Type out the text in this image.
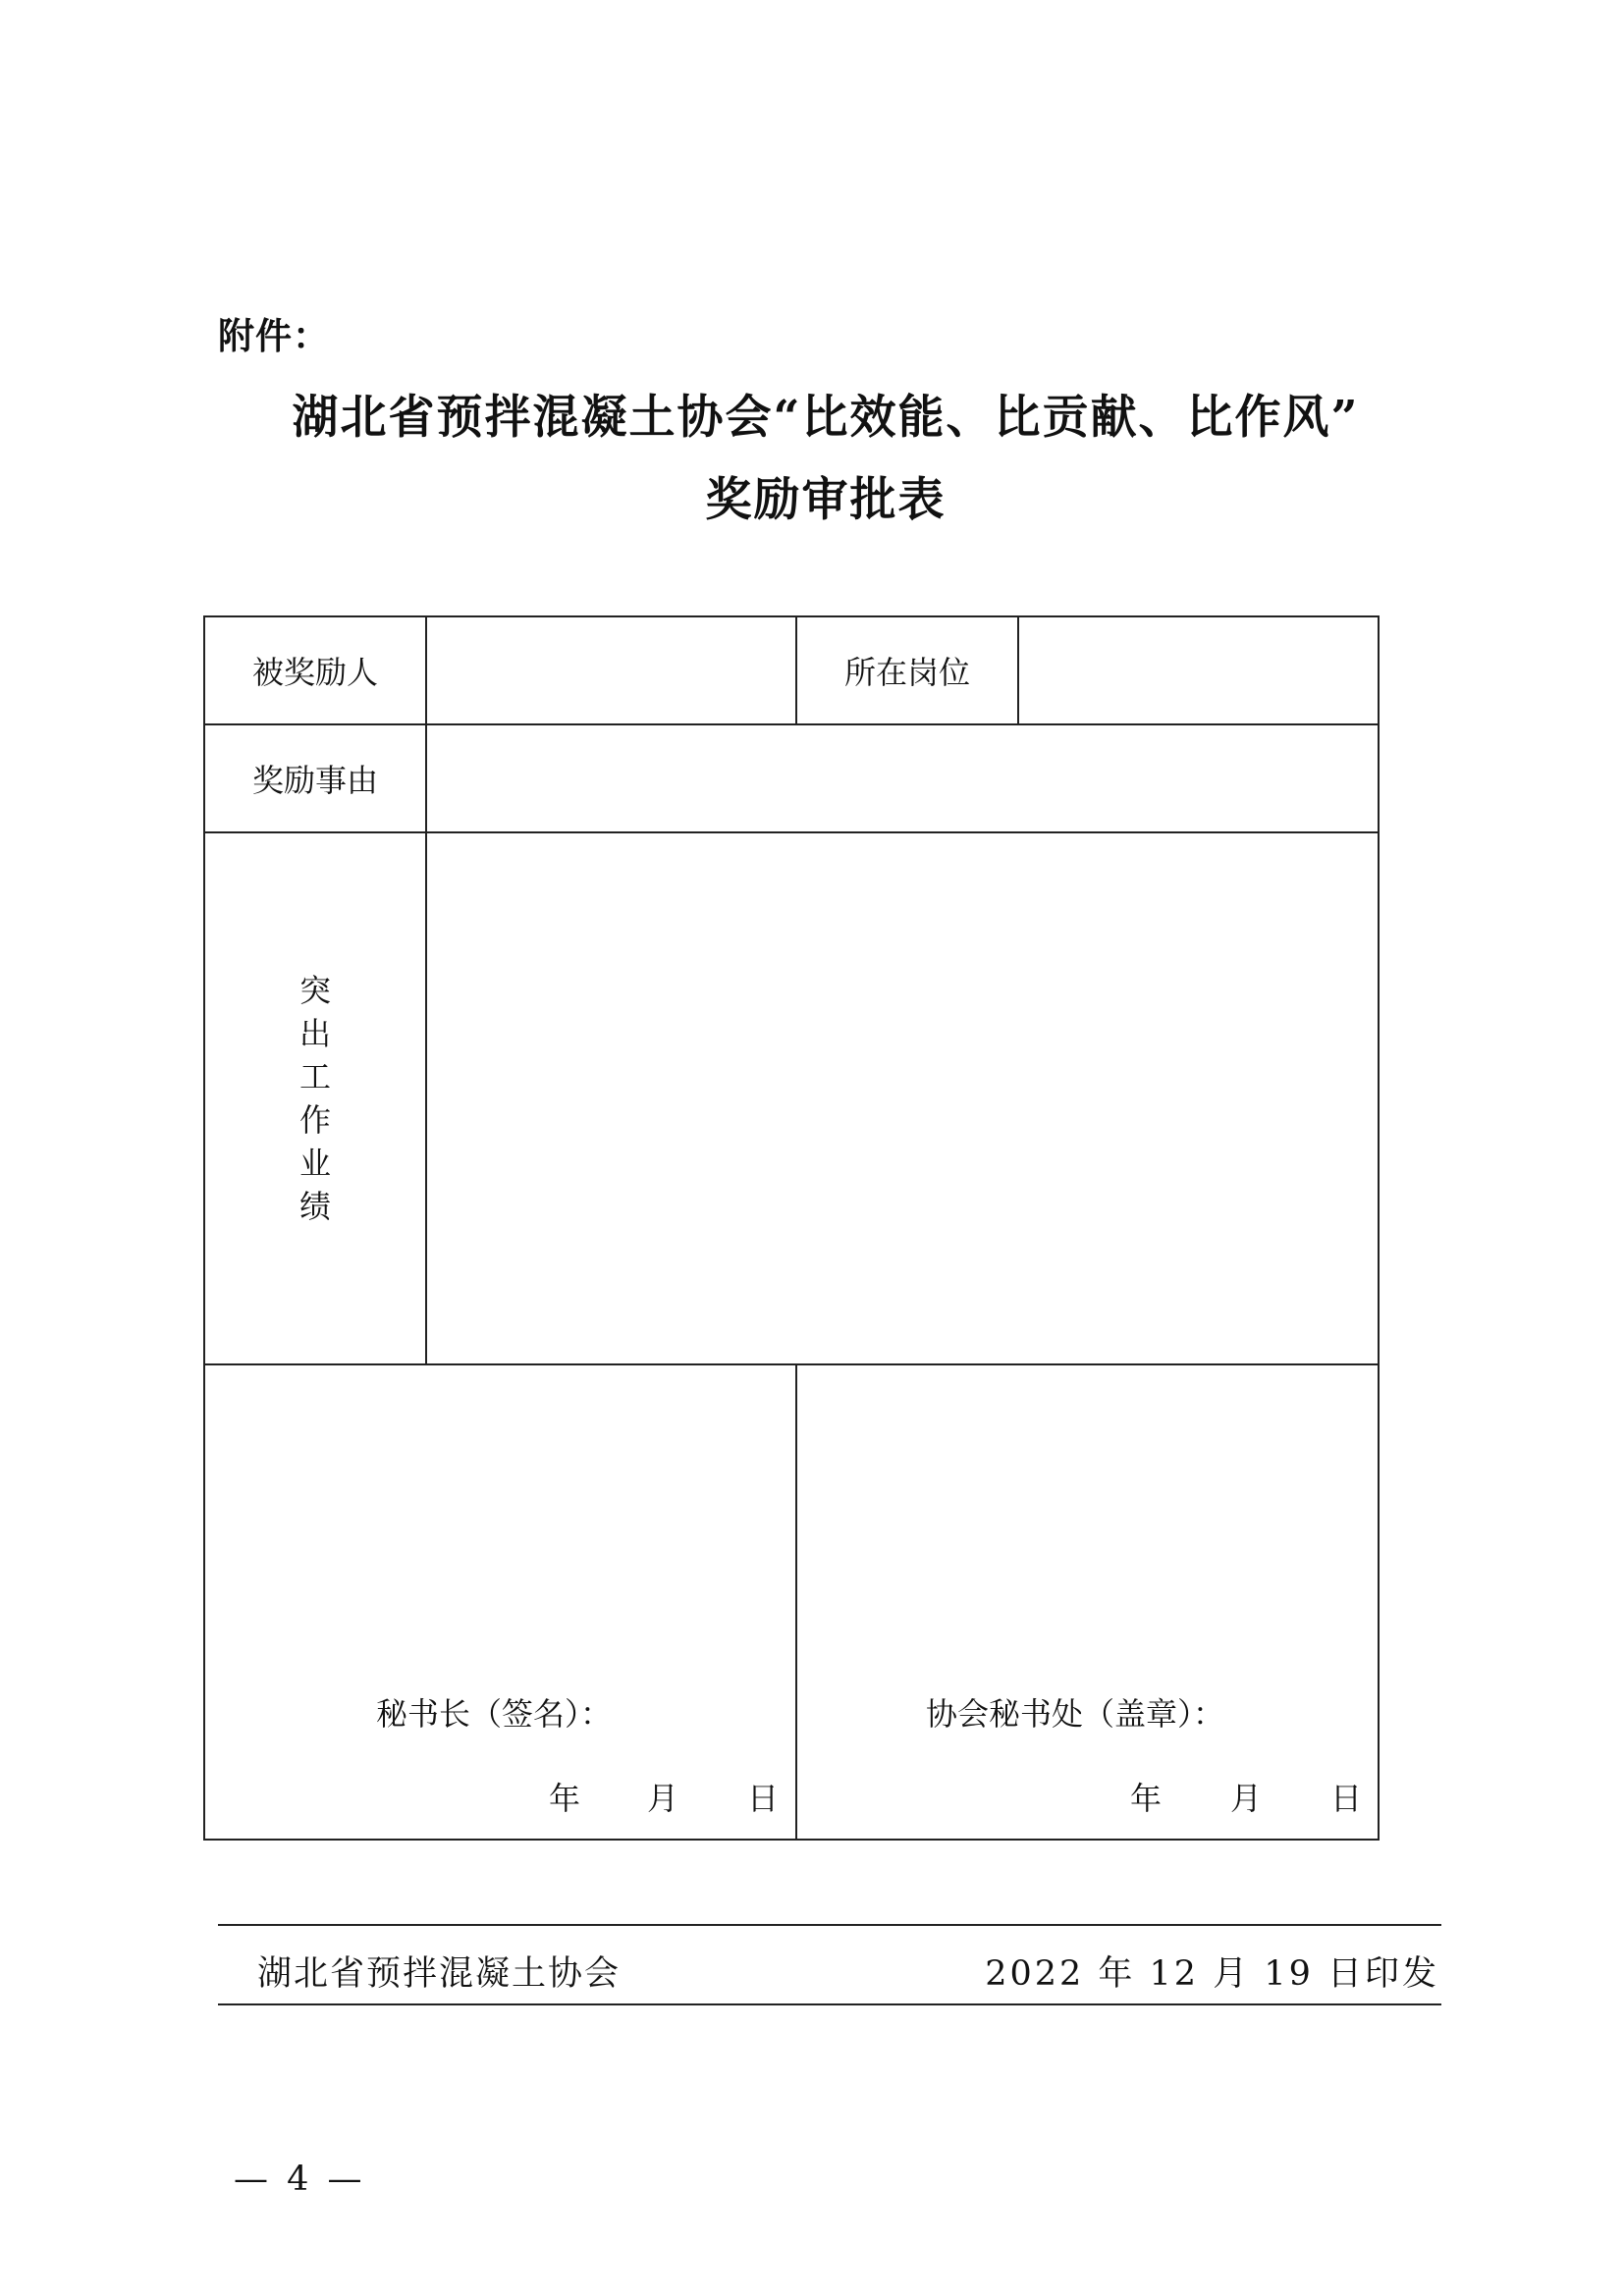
附件：
湖北省预拌混凝土协会“比效能、比贡献、比作风”
奖励审批表
被奖励人	所在岗位
奖励事由
突
出
工
作
业
绩
秘书长（签名）：
年 月 日
协会秘书处（盖章）：
年 月 日
湖北省预拌混凝土协会	2022 年 12 月 19 日印发
— 4 —
